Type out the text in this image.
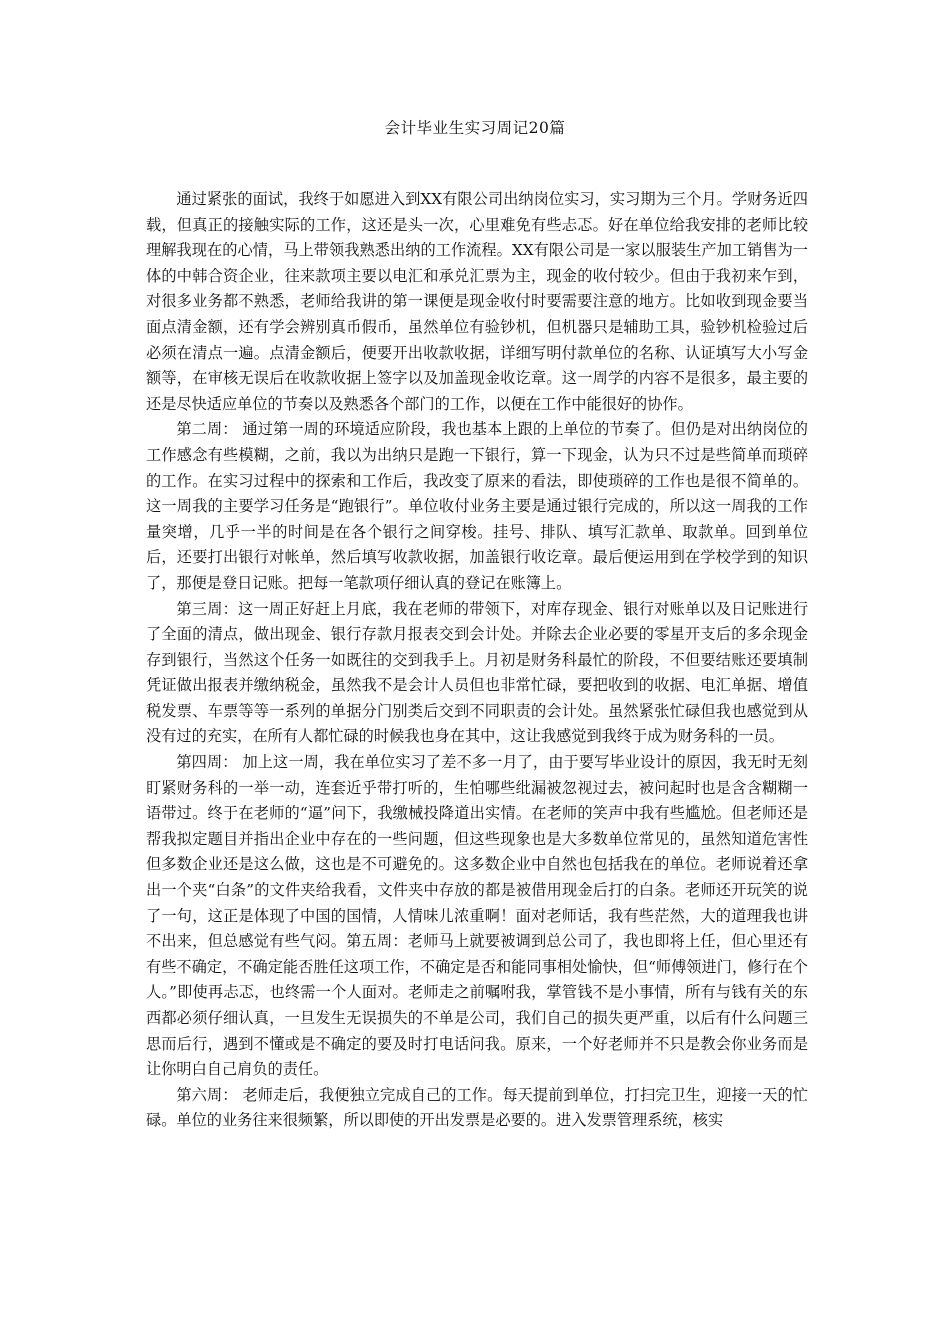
会计毕业生实习周记20篇

通过紧张的面试，我终于如愿进入到XX有限公司出纳岗位实习，实习期为三个月。学财务近四载，但真正的接触实际的工作，这还是头一次，心里难免有些忐忑。好在单位给我安排的老师比较理解我现在的心情，马上带领我熟悉出纳的工作流程。XX有限公司是一家以服装生产加工销售为一体的中韩合资企业，往来款项主要以电汇和承兑汇票为主，现金的收付较少。但由于我初来乍到，对很多业务都不熟悉，老师给我讲的第一课便是现金收付时要需要注意的地方。比如收到现金要当面点清金额，还有学会辨别真币假币，虽然单位有验钞机，但机器只是辅助工具，验钞机检验过后必须在清点一遍。点清金额后，便要开出收款收据，详细写明付款单位的名称、认证填写大小写金额等，在审核无误后在收款收据上签字以及加盖现金收讫章。这一周学的内容不是很多，最主要的还是尽快适应单位的节奏以及熟悉各个部门的工作，以便在工作中能很好的协作。

第二周： 通过第一周的环境适应阶段，我也基本上跟的上单位的节奏了。但仍是对出纳岗位的工作感念有些模糊，之前，我以为出纳只是跑一下银行，算一下现金，认为只不过是些简单而琐碎的工作。在实习过程中的探索和工作后，我改变了原来的看法，即使琐碎的工作也是很不简单的。 这一周我的主要学习任务是“跑银行”。单位收付业务主要是通过银行完成的，所以这一周我的工作量突增，几乎一半的时间是在各个银行之间穿梭。挂号、排队、填写汇款单、取款单。回到单位后，还要打出银行对帐单，然后填写收款收据，加盖银行收讫章。最后便运用到在学校学到的知识了，那便是登日记账。把每一笔款项仔细认真的登记在账簿上。

第三周：这一周正好赶上月底，我在老师的带领下，对库存现金、银行对账单以及日记账进行了全面的清点，做出现金、银行存款月报表交到会计处。并除去企业必要的零星开支后的多余现金存到银行，当然这个任务一如既往的交到我手上。月初是财务科最忙的阶段，不但要结账还要填制凭证做出报表并缴纳税金，虽然我不是会计人员但也非常忙碌，要把收到的收据、电汇单据、增值税发票、车票等等一系列的单据分门别类后交到不同职责的会计处。虽然紧张忙碌但我也感觉到从没有过的充实，在所有人都忙碌的时候我也身在其中，这让我感觉到我终于成为财务科的一员。

第四周： 加上这一周，我在单位实习了差不多一月了，由于要写毕业设计的原因，我无时无刻盯紧财务科的一举一动，连套近乎带打听的，生怕哪些纰漏被忽视过去，被问起时也是含含糊糊一语带过。终于在老师的“逼”问下，我缴械投降道出实情。在老师的笑声中我有些尴尬。但老师还是帮我拟定题目并指出企业中存在的一些问题，但这些现象也是大多数单位常见的，虽然知道危害性但多数企业还是这么做，这也是不可避免的。这多数企业中自然也包括我在的单位。老师说着还拿出一个夹“白条”的文件夹给我看，文件夹中存放的都是被借用现金后打的白条。老师还开玩笑的说了一句，这正是体现了中国的国情，人情味儿浓重啊！面对老师话，我有些茫然，大的道理我也讲不出来，但总感觉有些气闷。第五周：老师马上就要被调到总公司了，我也即将上任，但心里还有有些不确定，不确定能否胜任这项工作，不确定是否和能同事相处愉快，但“师傅领进门，修行在个人。”即使再忐忑，也终需一个人面对。老师走之前嘱咐我，掌管钱不是小事情，所有与钱有关的东西都必须仔细认真，一旦发生无误损失的不单是公司，我们自己的损失更严重，以后有什么问题三思而后行，遇到不懂或是不确定的要及时打电话问我。原来，一个好老师并不只是教会你业务而是让你明白自己肩负的责任。

第六周： 老师走后，我便独立完成自己的工作。每天提前到单位，打扫完卫生，迎接一天的忙碌。单位的业务往来很频繁，所以即使的开出发票是必要的。进入发票管理系统，核实
